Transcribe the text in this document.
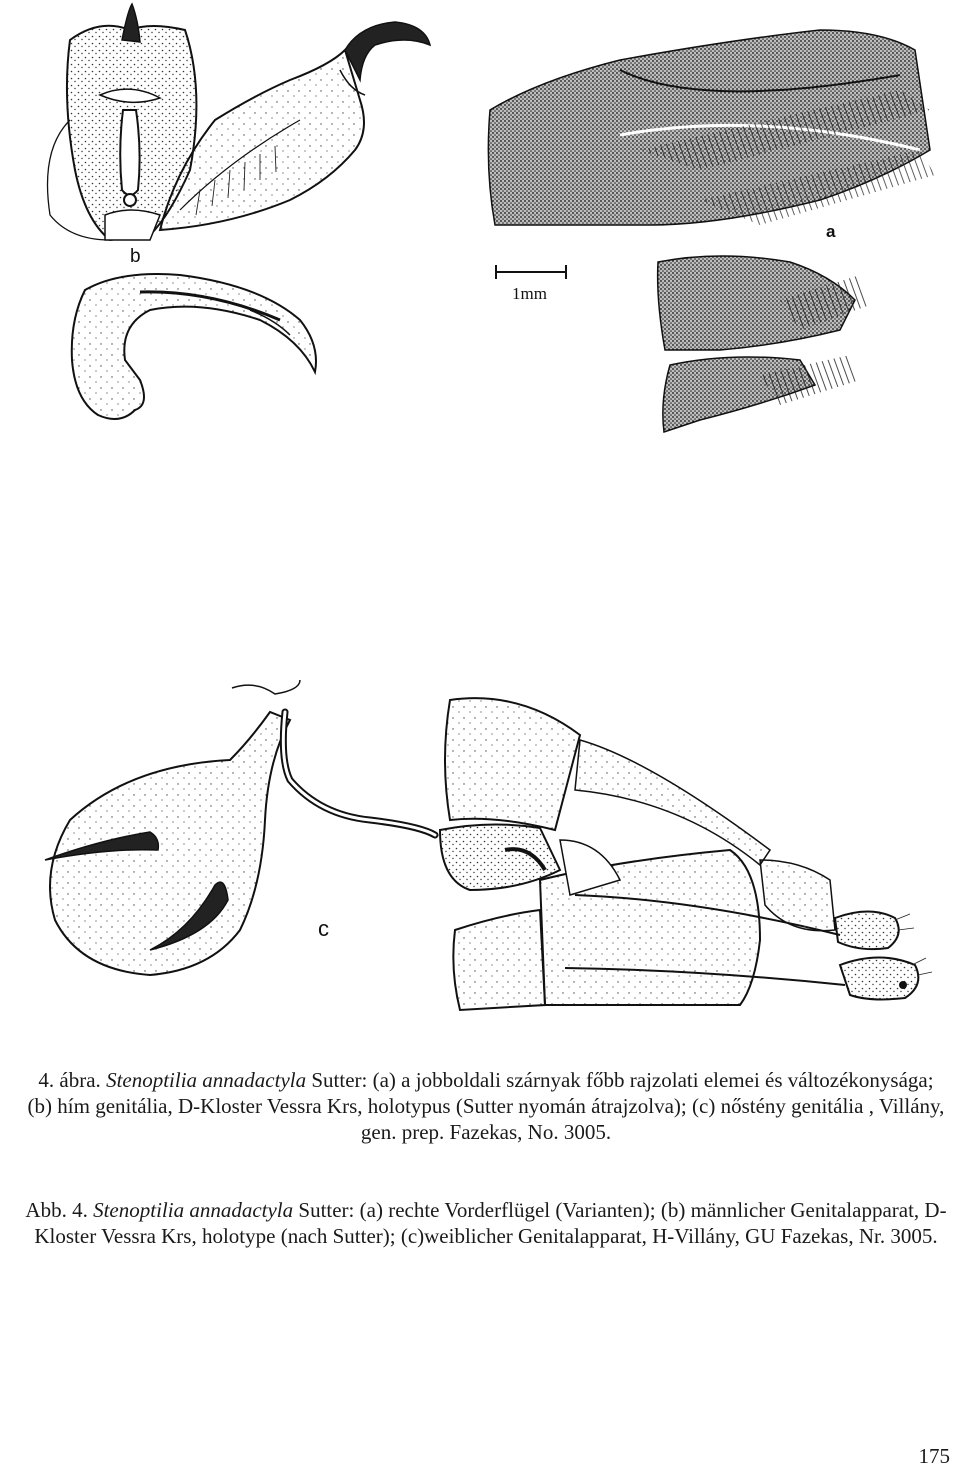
b
a
c
1mm
4. ábra. Stenoptilia annadactyla Sutter: (a) a jobboldali szárnyak főbb rajzolati elemei és változékonysága; (b) hím genitália, D-Kloster Vessra Krs, holotypus (Sutter nyomán átrajzolva); (c) nőstény genitália , Villány, gen. prep. Fazekas, No. 3005.
Abb. 4. Stenoptilia annadactyla Sutter: (a) rechte Vorderflügel (Varianten); (b) männlicher Genitalapparat, D-Kloster Vessra Krs, holotype (nach Sutter); (c)weiblicher Genitalapparat, H-Villány, GU Fazekas, Nr. 3005.
175
